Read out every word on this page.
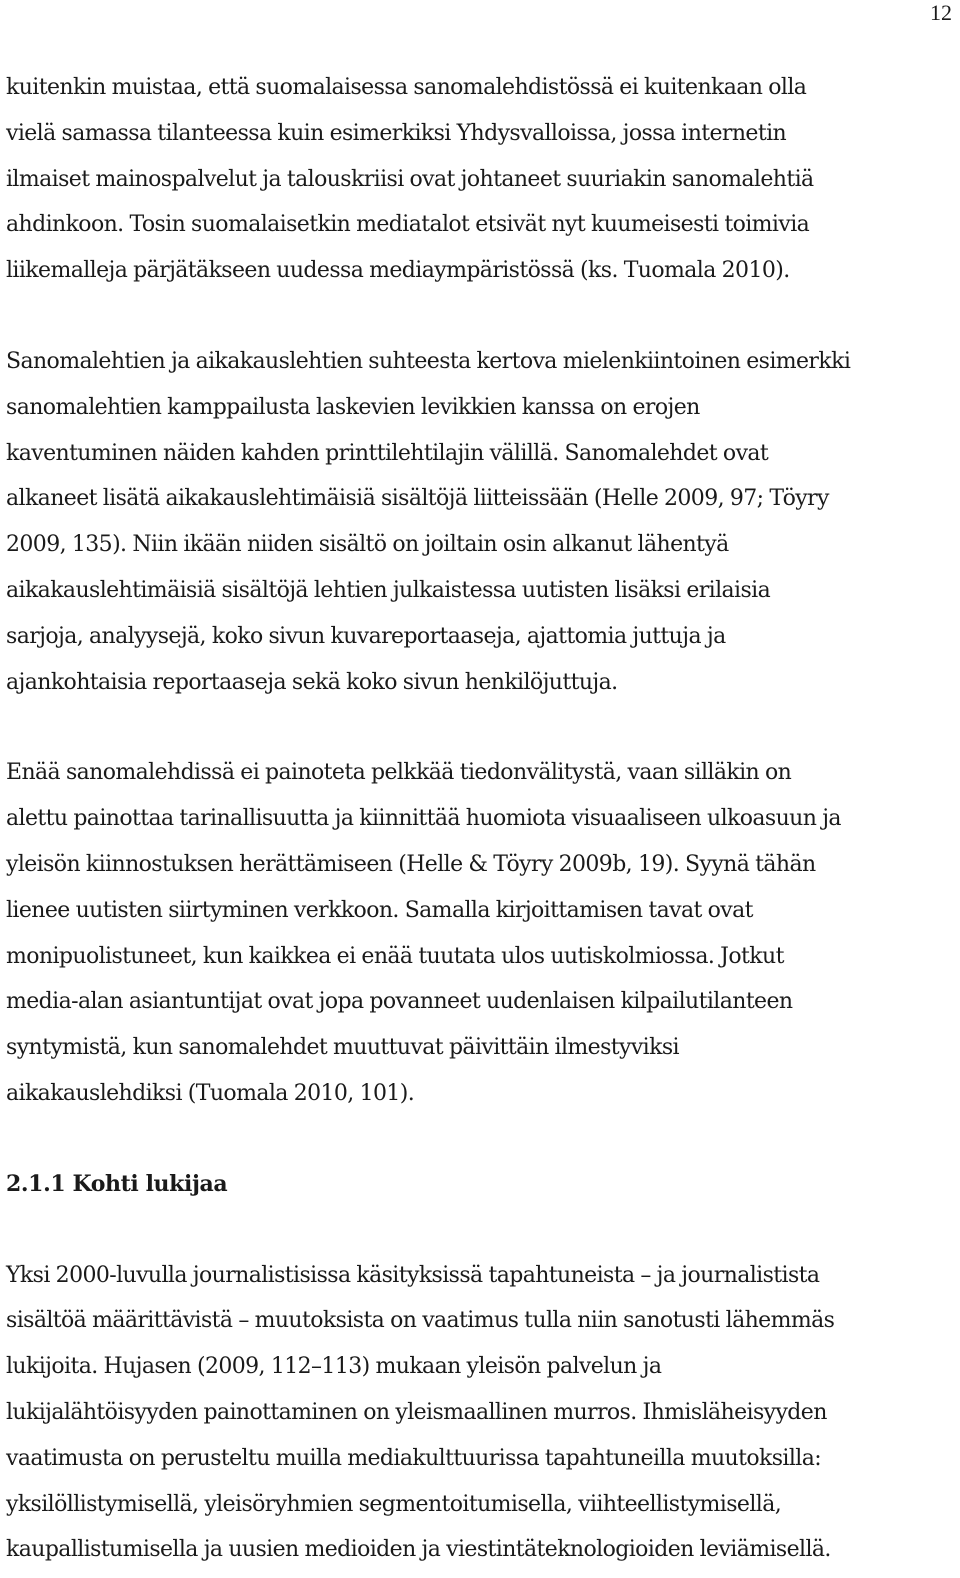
12

kuitenkin muistaa, että suomalaisessa sanomalehdistössä ei kuitenkaan olla
vielä samassa tilanteessa kuin esimerkiksi Yhdysvalloissa, jossa internetin
ilmaiset mainospalvelut ja talouskriisi ovat johtaneet suuriakin sanomalehtiä
ahdinkoon. Tosin suomalaisetkin mediatalot etsivät nyt kuumeisesti toimivia
liikemalleja pärjätäkseen uudessa mediaympäristössä (ks. Tuomala 2010).

Sanomalehtien ja aikakauslehtien suhteesta kertova mielenkiintoinen esimerkki
sanomalehtien kamppailusta laskevien levikkien kanssa on erojen
kaventuminen näiden kahden printtilehtilajin välillä. Sanomalehdet ovat
alkaneet lisätä aikakauslehtimäisiä sisältöjä liitteissään (Helle 2009, 97; Töyry
2009, 135). Niin ikään niiden sisältö on joiltain osin alkanut lähentyä
aikakauslehtimäisiä sisältöjä lehtien julkaistessa uutisten lisäksi erilaisia
sarjoja, analyysejä, koko sivun kuvareportaaseja, ajattomia juttuja ja
ajankohtaisia reportaaseja sekä koko sivun henkilöjuttuja.

Enää sanomalehdissä ei painoteta pelkkää tiedonvälitystä, vaan silläkin on
alettu painottaa tarinallisuutta ja kiinnittää huomiota visuaaliseen ulkoasuun ja
yleisön kiinnostuksen herättämiseen (Helle & Töyry 2009b, 19). Syynä tähän
lienee uutisten siirtyminen verkkoon. Samalla kirjoittamisen tavat ovat
monipuolistuneet, kun kaikkea ei enää tuutata ulos uutiskolmiossa. Jotkut
media-alan asiantuntijat ovat jopa povanneet uudenlaisen kilpailutilanteen
syntymistä, kun sanomalehdet muuttuvat päivittäin ilmestyviksi
aikakauslehdiksi (Tuomala 2010, 101).

2.1.1 Kohti lukijaa

Yksi 2000-luvulla journalistisissa käsityksissä tapahtuneista – ja journalistista
sisältöä määrittävistä – muutoksista on vaatimus tulla niin sanotusti lähemmäs
lukijoita. Hujasen (2009, 112–113) mukaan yleisön palvelun ja
lukijalähtöisyyden painottaminen on yleismaallinen murros. Ihmisläheisyyden
vaatimusta on perusteltu muilla mediakulttuurissa tapahtuneilla muutoksilla:
yksilöllistymisellä, yleisöryhmien segmentoitumisella, viihteellistymisellä,
kaupallistumisella ja uusien medioiden ja viestintäteknologioiden leviämisellä.
